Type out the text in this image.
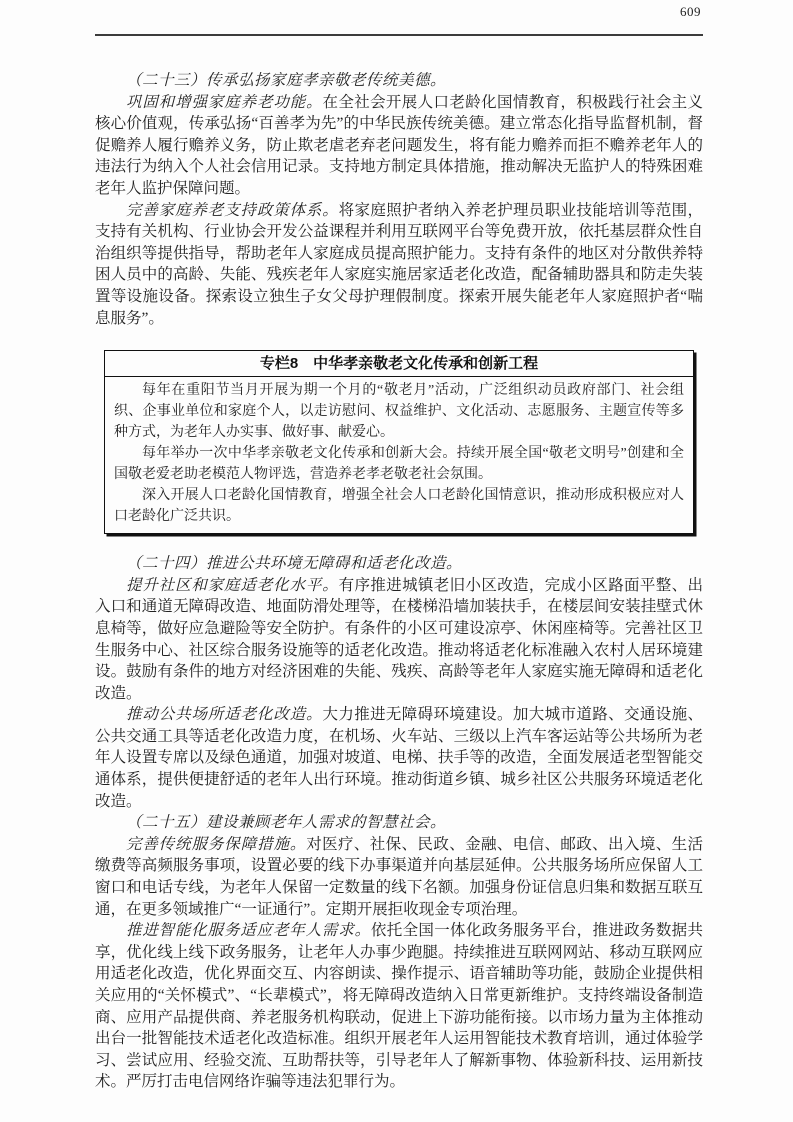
609
（二十三）传承弘扬家庭孝亲敬老传统美德。

巩固和增强家庭养老功能。在全社会开展人口老龄化国情教育，积极践行社会主义核心价值观，传承弘扬“百善孝为先”的中华民族传统美德。建立常态化指导监督机制，督促赡养人履行赡养义务，防止欺老虐老弃老问题发生，将有能力赡养而拒不赡养老年人的违法行为纳入个人社会信用记录。支持地方制定具体措施，推动解决无监护人的特殊困难老年人监护保障问题。

完善家庭养老支持政策体系。将家庭照护者纳入养老护理员职业技能培训等范围，支持有关机构、行业协会开发公益课程并利用互联网平台等免费开放，依托基层群众性自治组织等提供指导，帮助老年人家庭成员提高照护能力。支持有条件的地区对分散供养特困人员中的高龄、失能、残疾老年人家庭实施居家适老化改造，配备辅助器具和防走失装置等设施设备。探索设立独生子女父母护理假制度。探索开展失能老年人家庭照护者“喘息服务”。

专栏8　中华孝亲敬老文化传承和创新工程

每年在重阳节当月开展为期一个月的“敬老月”活动，广泛组织动员政府部门、社会组织、企事业单位和家庭个人，以走访慰问、权益维护、文化活动、志愿服务、主题宣传等多种方式，为老年人办实事、做好事、献爱心。

每年举办一次中华孝亲敬老文化传承和创新大会。持续开展全国“敬老文明号”创建和全国敬老爱老助老模范人物评选，营造养老孝老敬老社会氛围。

深入开展人口老龄化国情教育，增强全社会人口老龄化国情意识，推动形成积极应对人口老龄化广泛共识。

（二十四）推进公共环境无障碍和适老化改造。

提升社区和家庭适老化水平。有序推进城镇老旧小区改造，完成小区路面平整、出入口和通道无障碍改造、地面防滑处理等，在楼梯沿墙加装扶手，在楼层间安装挂壁式休息椅等，做好应急避险等安全防护。有条件的小区可建设凉亭、休闲座椅等。完善社区卫生服务中心、社区综合服务设施等的适老化改造。推动将适老化标准融入农村人居环境建设。鼓励有条件的地方对经济困难的失能、残疾、高龄等老年人家庭实施无障碍和适老化改造。

推动公共场所适老化改造。大力推进无障碍环境建设。加大城市道路、交通设施、公共交通工具等适老化改造力度，在机场、火车站、三级以上汽车客运站等公共场所为老年人设置专席以及绿色通道，加强对坡道、电梯、扶手等的改造，全面发展适老型智能交通体系，提供便捷舒适的老年人出行环境。推动街道乡镇、城乡社区公共服务环境适老化改造。

（二十五）建设兼顾老年人需求的智慧社会。

完善传统服务保障措施。对医疗、社保、民政、金融、电信、邮政、出入境、生活缴费等高频服务事项，设置必要的线下办事渠道并向基层延伸。公共服务场所应保留人工窗口和电话专线，为老年人保留一定数量的线下名额。加强身份证信息归集和数据互联互通，在更多领域推广“一证通行”。定期开展拒收现金专项治理。

推进智能化服务适应老年人需求。依托全国一体化政务服务平台，推进政务数据共享，优化线上线下政务服务，让老年人办事少跑腿。持续推进互联网网站、移动互联网应用适老化改造，优化界面交互、内容朗读、操作提示、语音辅助等功能，鼓励企业提供相关应用的“关怀模式”、“长辈模式”，将无障碍改造纳入日常更新维护。支持终端设备制造商、应用产品提供商、养老服务机构联动，促进上下游功能衔接。以市场力量为主体推动出台一批智能技术适老化改造标准。组织开展老年人运用智能技术教育培训，通过体验学习、尝试应用、经验交流、互助帮扶等，引导老年人了解新事物、体验新科技、运用新技术。严厉打击电信网络诈骗等违法犯罪行为。
